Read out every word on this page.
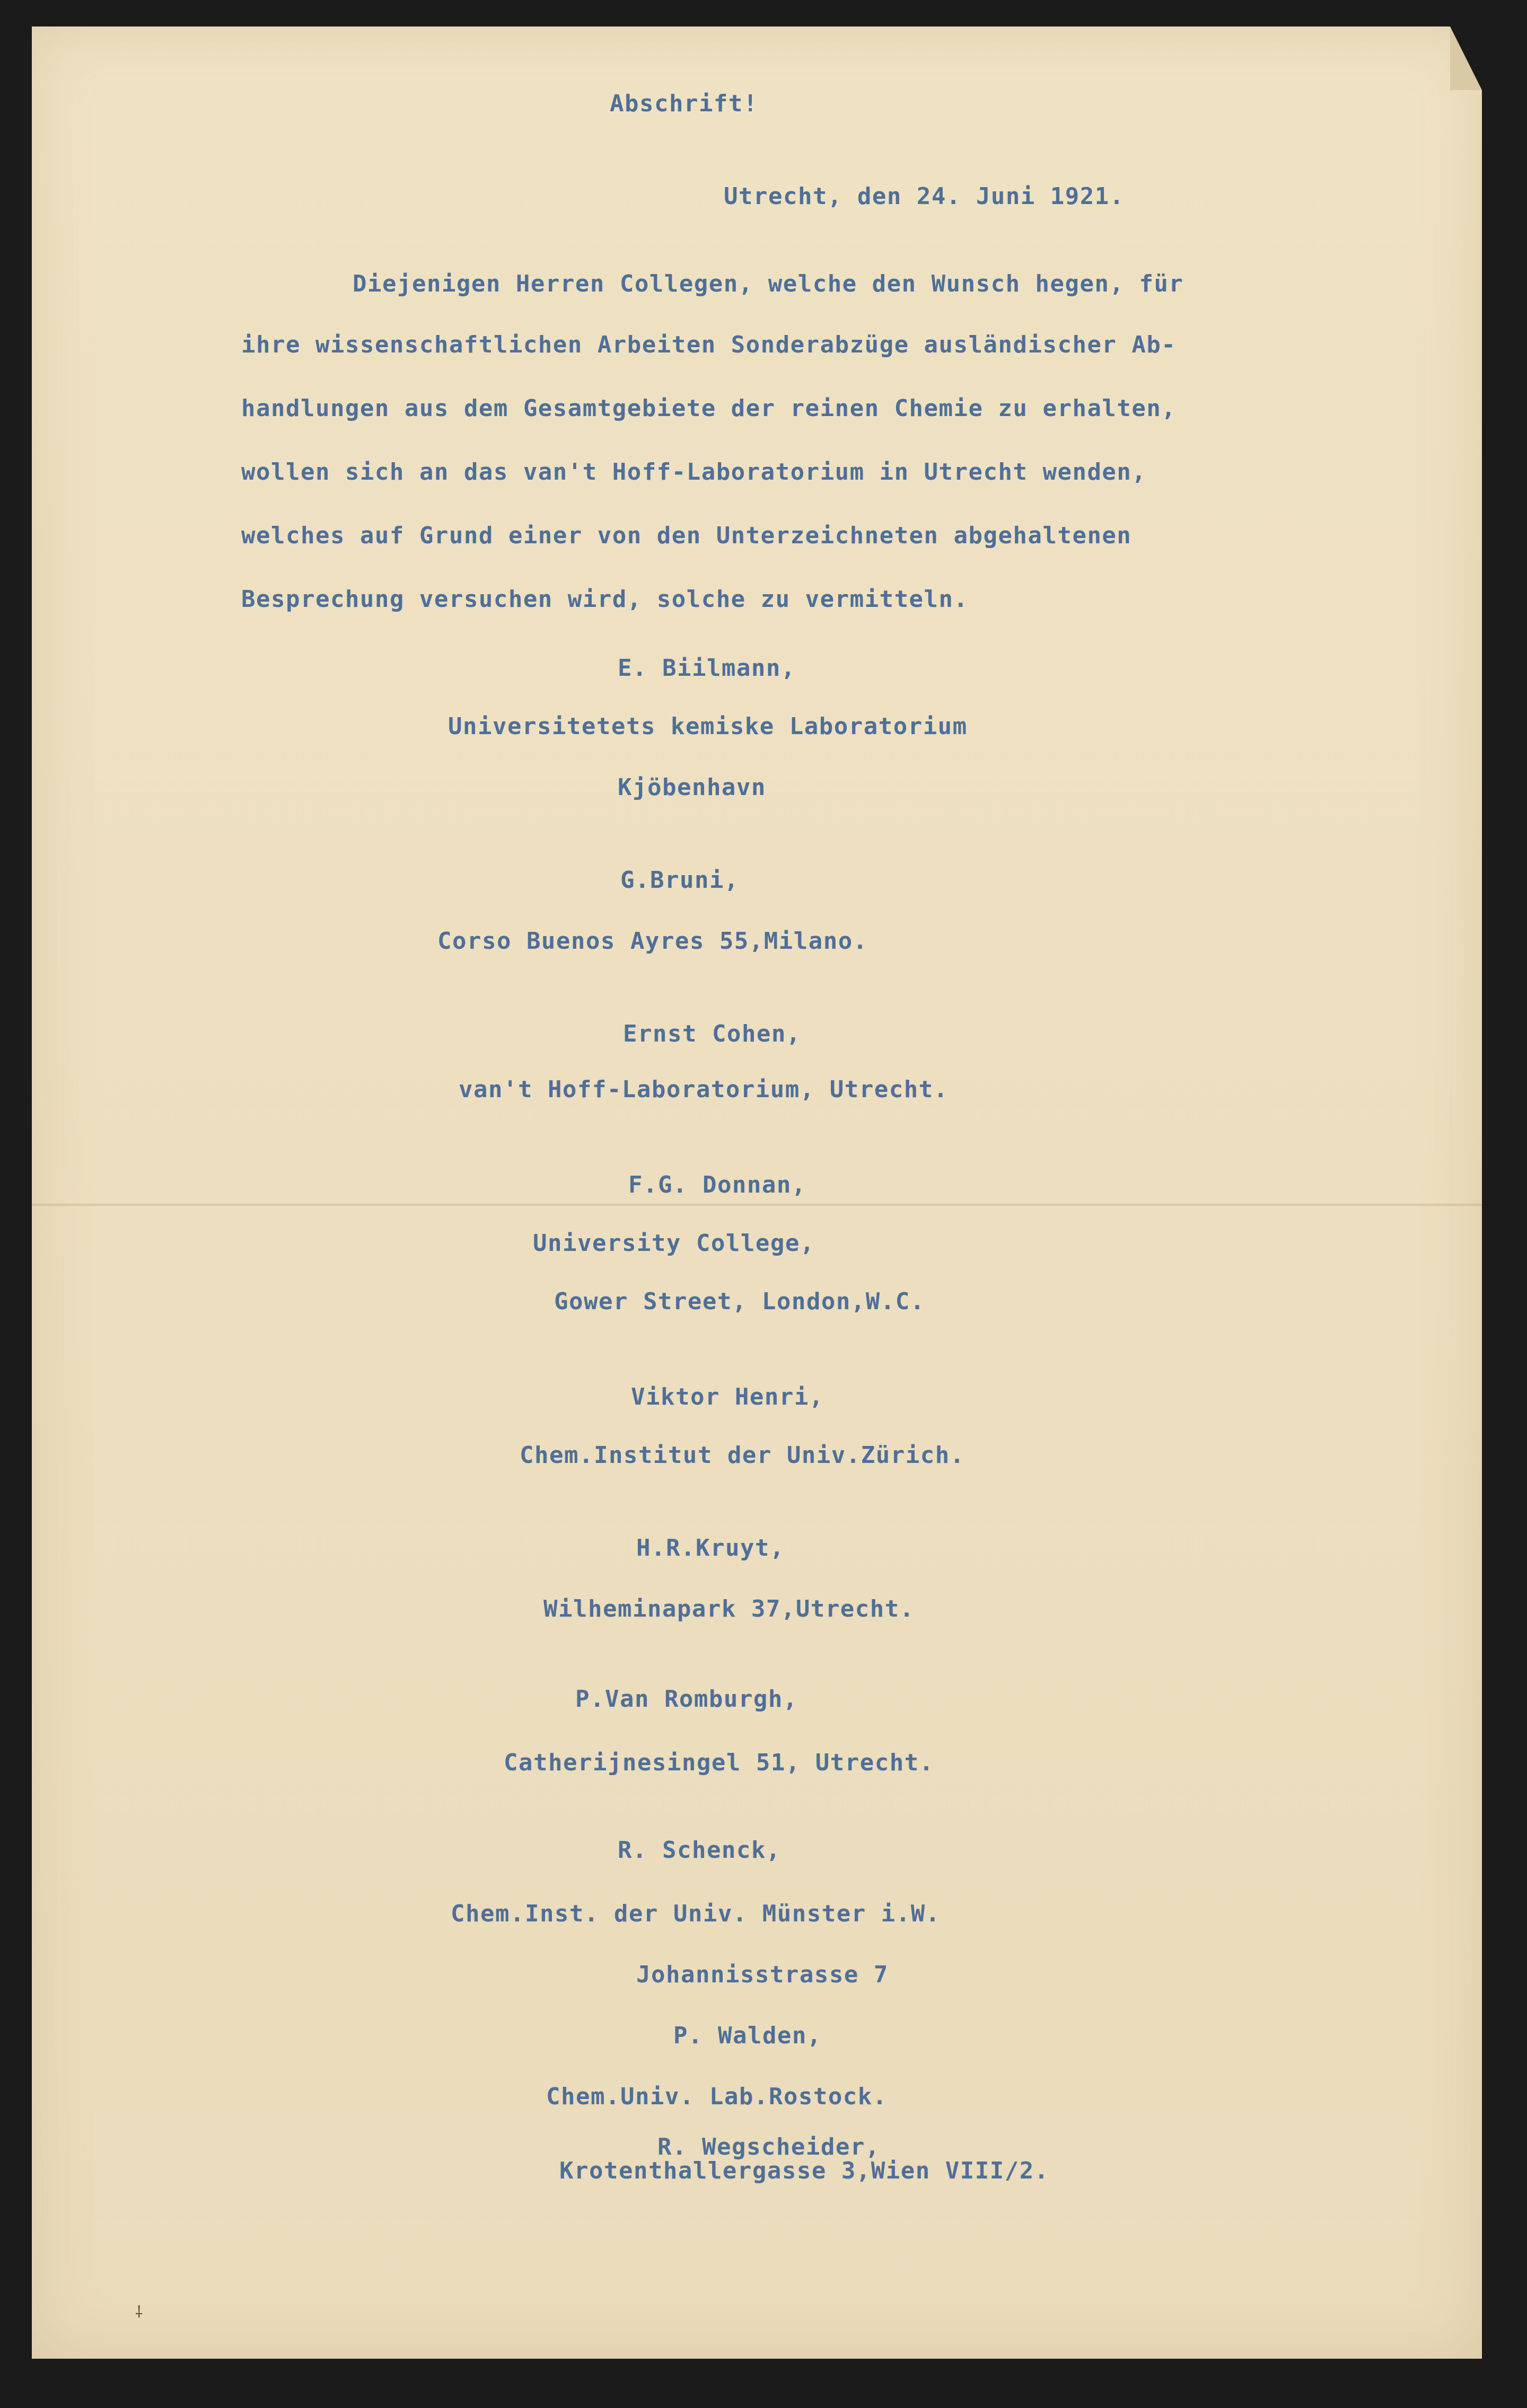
Abschrift!
Utrecht, den 24. Juni 1921.
Diejenigen Herren Collegen, welche den Wunsch hegen, für
ihre wissenschaftlichen Arbeiten Sonderabzüge ausländischer Ab-
handlungen aus dem Gesamtgebiete der reinen Chemie zu erhalten,
wollen sich an das van't Hoff-Laboratorium in Utrecht wenden,
welches auf Grund einer von den Unterzeichneten abgehaltenen
Besprechung versuchen wird, solche zu vermitteln.
E. Biilmann,
Universitetets kemiske Laboratorium
Kjöbenhavn
G.Bruni,
Corso Buenos Ayres 55,Milano.
Ernst Cohen,
van't Hoff-Laboratorium, Utrecht.
F.G. Donnan,
University College,
Gower Street, London,W.C.
Viktor Henri,
Chem.Institut der Univ.Zürich.
H.R.Kruyt,
Wilheminapark 37,Utrecht.
P.Van Romburgh,
Catherijnesingel 51, Utrecht.
R. Schenck,
Chem.Inst. der Univ. Münster i.W.
Johannisstrasse 7
P. Walden,
Chem.Univ. Lab.Rostock.
R. Wegscheider,
Krotenthallergasse 3,Wien VIII/2.
⸸
